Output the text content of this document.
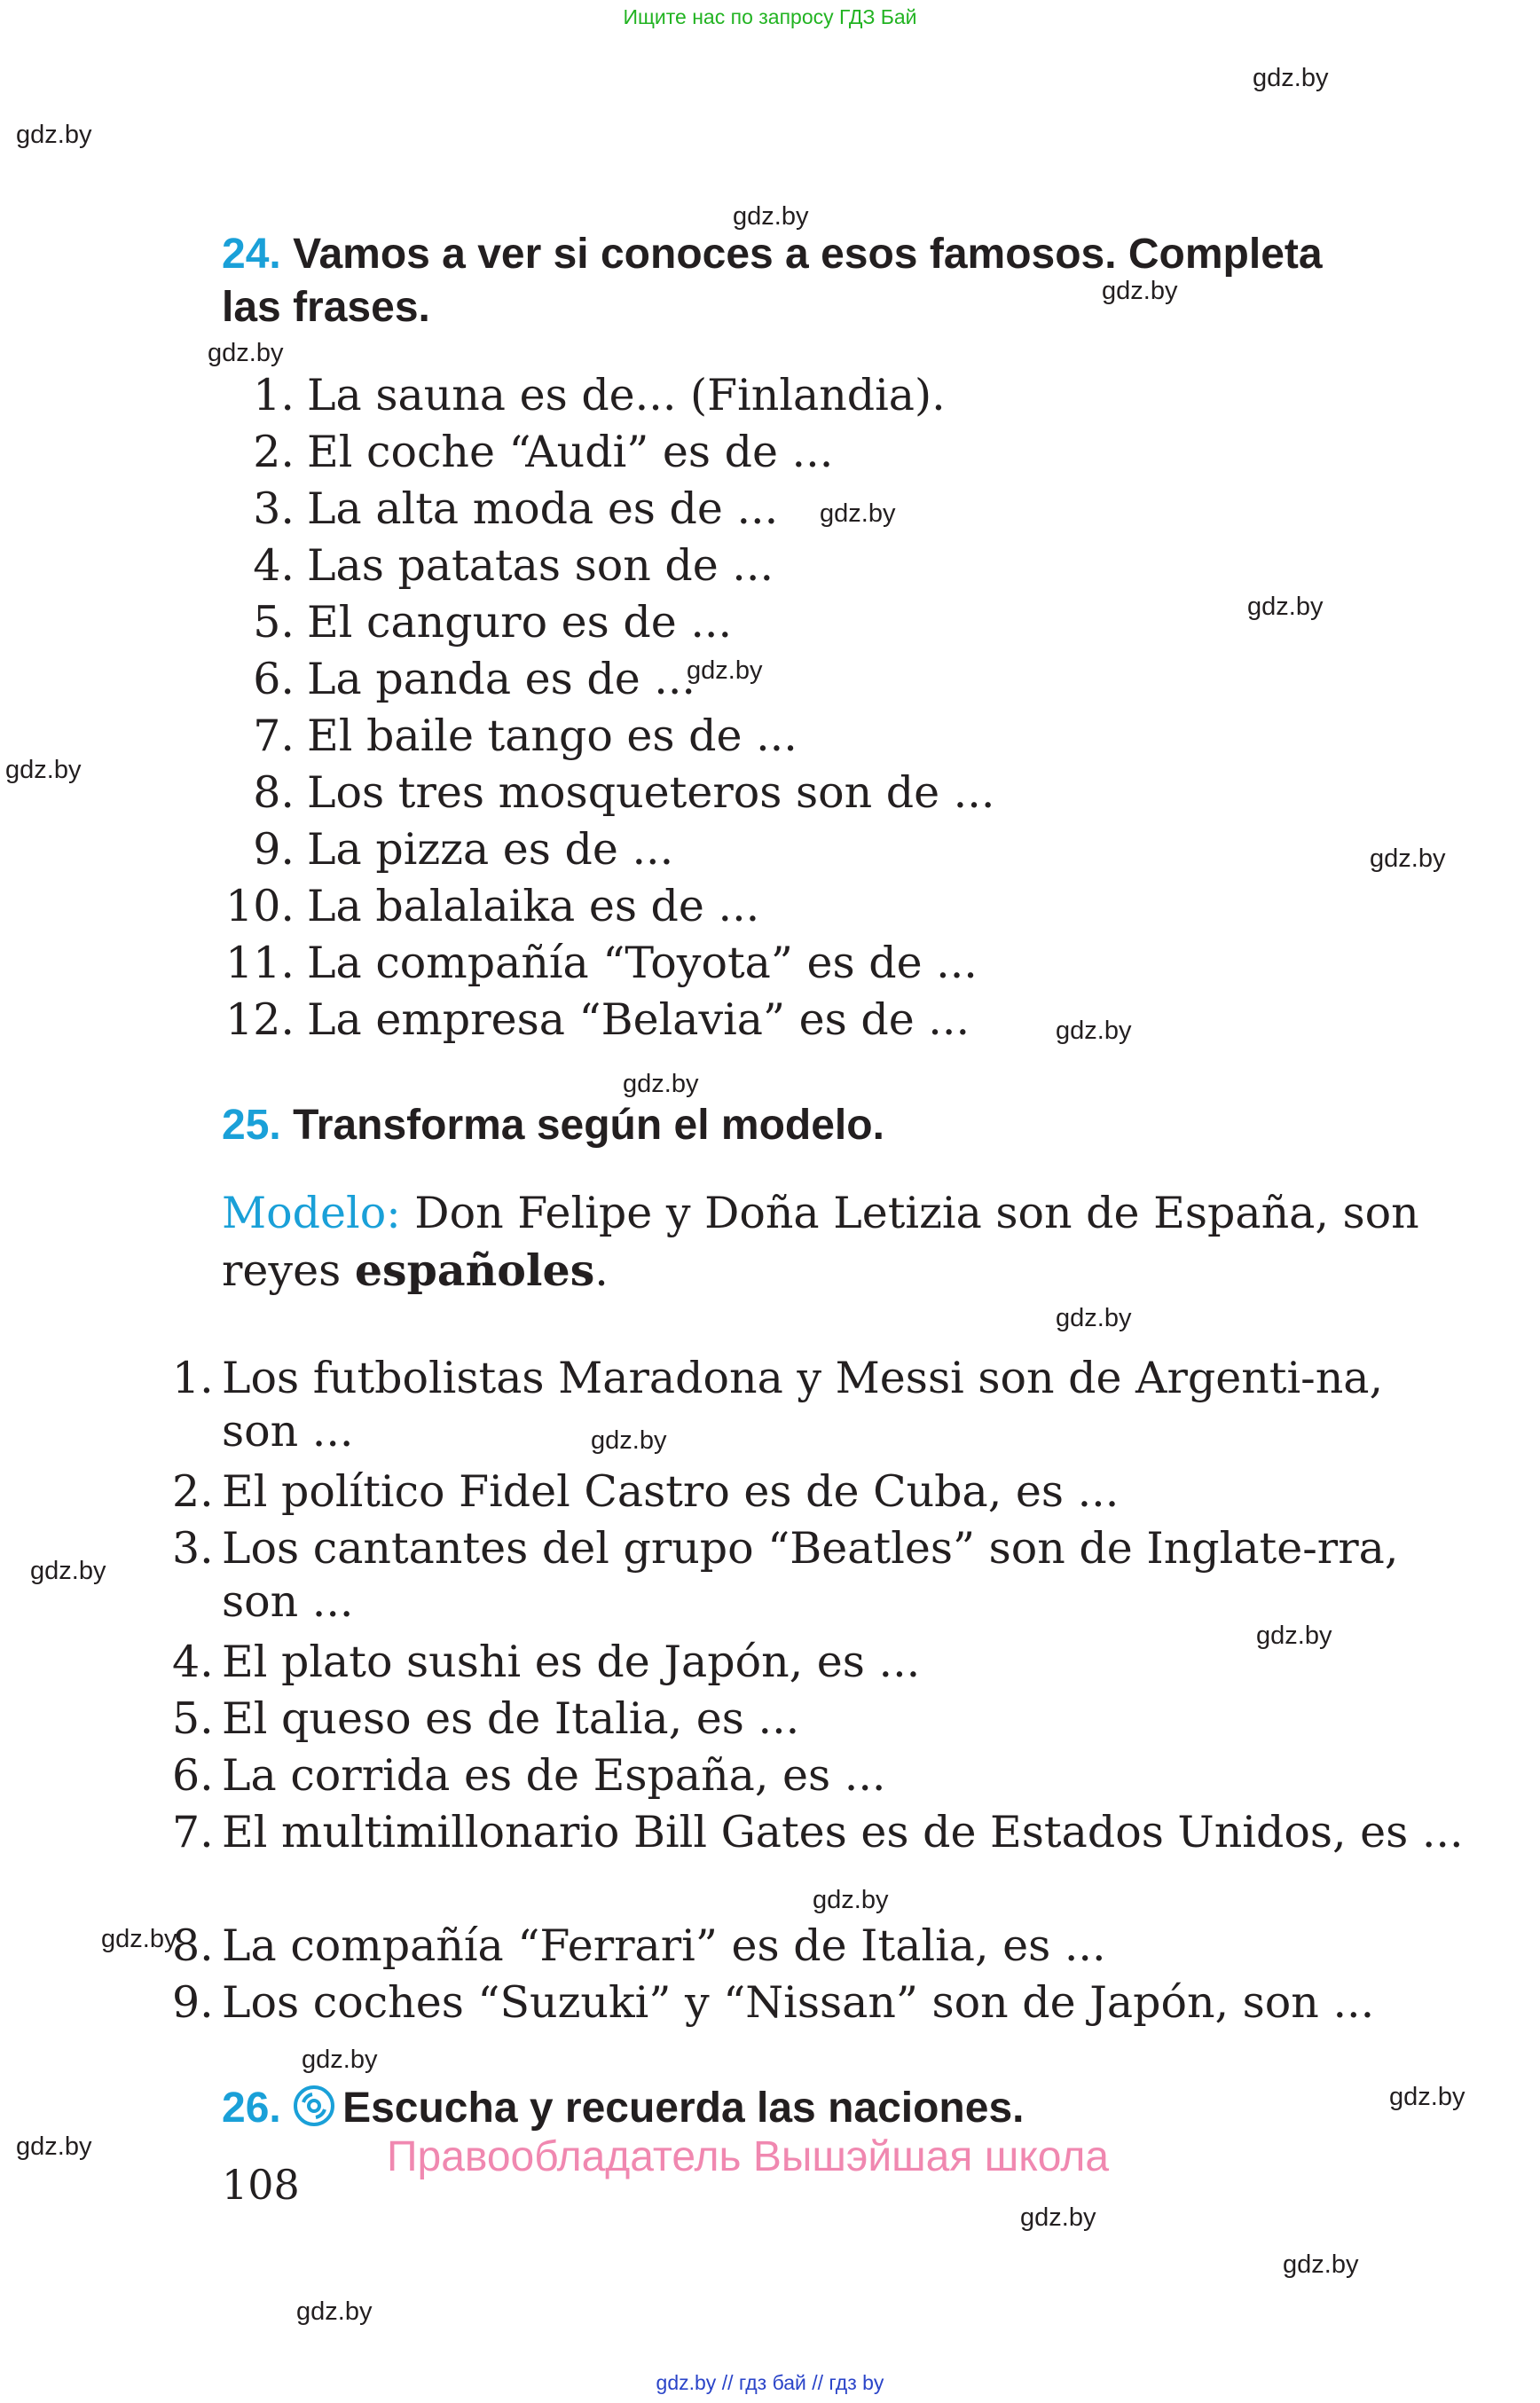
Ищите нас по запросу ГДЗ Бай
gdz.by
gdz.by
gdz.by
gdz.by
gdz.by
gdz.by
gdz.by
gdz.by
gdz.by
gdz.by
gdz.by
gdz.by
gdz.by
gdz.by
gdz.by
gdz.by
gdz.by
gdz.by
gdz.by
gdz.by
gdz.by
gdz.by
gdz.by
gdz.by
24. Vamos a ver si conoces a esos famosos. Completa
las frases.
1. La sauna es de... (Finlandia).
2. El coche “Audi” es de ...
3. La alta moda es de ...
4. Las patatas son de ...
5. El canguro es de ...
6. La panda es de ...
7. El baile tango es de ...
8. Los tres mosqueteros son de ...
9. La pizza es de ...
10. La balalaika es de ...
11. La compañía “Toyota” es de ...
12. La empresa “Belavia” es de ...
25. Transforma según el modelo.
Modelo: Don Felipe y Doña Letizia son de España, son
reyes españoles.
1. Los futbolistas Maradona y Messi son de Argenti-na, son ...
2. El político Fidel Castro es de Cuba, es ...
3. Los cantantes del grupo “Beatles” son de Inglate-rra, son ...
4. El plato sushi es de Japón, es ...
5. El queso es de Italia, es ...
6. La corrida es de España, es ...
7. El multimillonario Bill Gates es de Estados Unidos, es ...
8. La compañía “Ferrari” es de Italia, es ...
9. Los coches “Suzuki” y “Nissan” son de Japón, son ...
26. Escucha y recuerda las naciones.
Правообладатель Вышэйшая школа
108
gdz.by // гдз бай // гдз by
